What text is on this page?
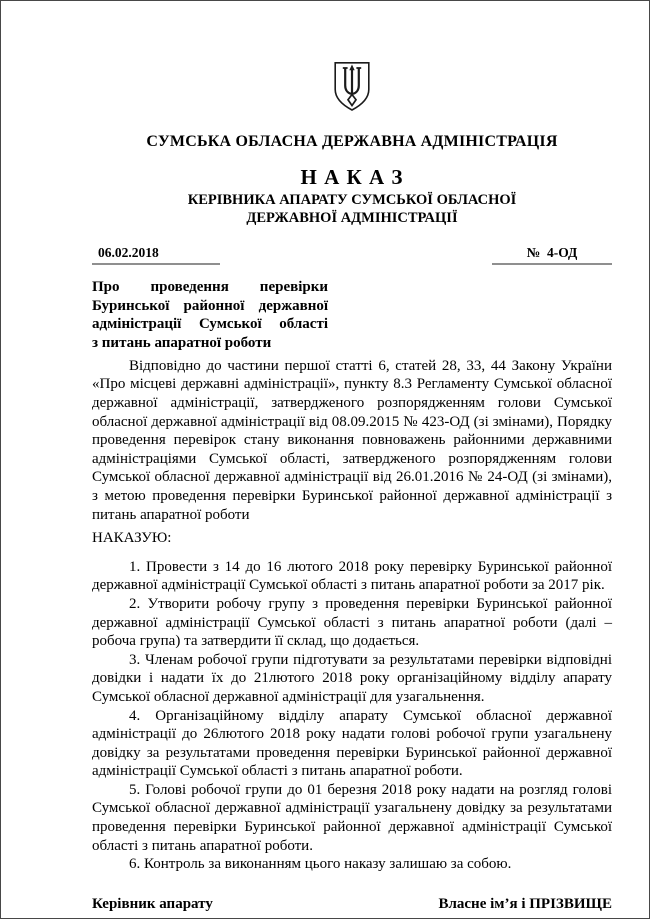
СУМСЬКА ОБЛАСНА ДЕРЖАВНА АДМІНІСТРАЦІЯ
Н А К А З
КЕРІВНИКА АПАРАТУ СУМСЬКОЇ ОБЛАСНОЇ
ДЕРЖАВНОЇ АДМІНІСТРАЦІЇ
06.02.2018	№  4-ОД
Про проведення перевірки
Буринської районної державної
адміністрації Сумської області
з питань апаратної роботи
Відповідно до частини першої статті 6, статей 28, 33, 44 Закону України «Про місцеві державні адміністрації», пункту 8.3 Регламенту Сумської обласної державної адміністрації, затвердженого розпорядженням голови Сумської обласної державної адміністрації від 08.09.2015 № 423-ОД (зі змінами), Порядку проведення перевірок стану виконання повноважень районними державними адміністраціями Сумської області, затвердженого розпорядженням голови Сумської обласної державної адміністрації від 26.01.2016 № 24-ОД (зі змінами), з метою проведення перевірки Буринської районної державної адміністрації з питань апаратної роботи
НАКАЗУЮ:

1. Провести з 14 до 16 лютого 2018 року перевірку Буринської районної державної адміністрації Сумської області з питань апаратної роботи за 2017 рік.

2. Утворити робочу групу з проведення перевірки Буринської районної державної адміністрації Сумської області з питань апаратної роботи (далі – робоча група) та затвердити її склад, що додається.

3. Членам робочої групи підготувати за результатами перевірки відповідні довідки і надати їх до 21лютого 2018 року організаційному відділу апарату Сумської обласної державної адміністрації для узагальнення.

4. Організаційному відділу апарату Сумської обласної державної адміністрації до 26лютого 2018 року надати голові робочої групи узагальнену довідку за результатами проведення перевірки Буринської районної державної адміністрації Сумської області з питань апаратної роботи.

5. Голові робочої групи до 01 березня 2018 року надати на розгляд голові Сумської обласної державної адміністрації узагальнену довідку за результатами проведення перевірки Буринської районної державної адміністрації Сумської області з питань апаратної роботи.

6. Контроль за виконанням цього наказу залишаю за собою.

Керівник апарату	Власне ім’я і ПРІЗВИЩЕ
